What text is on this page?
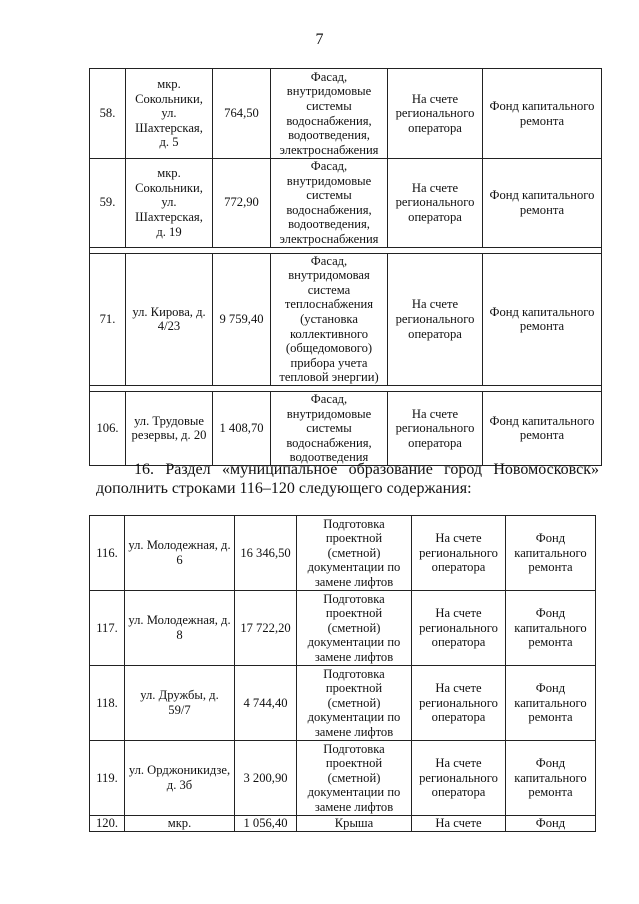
7
58.	мкр. Сокольники, ул. Шахтерская, д. 5	764,50	Фасад, внутридомовые системы водоснабжения, водоотведения, электроснабжения	На счете регионального оператора	Фонд капитального ремонта
59.	мкр. Сокольники, ул. Шахтерская, д. 19	772,90	Фасад, внутридомовые системы водоснабжения, водоотведения, электроснабжения	На счете регионального оператора	Фонд капитального ремонта

71.	ул. Кирова, д. 4/23	9 759,40	Фасад, внутридомовая система теплоснабжения (установка коллективного (общедомового) прибора учета тепловой энергии)	На счете регионального оператора	Фонд капитального ремонта

106.	ул. Трудовые резервы, д. 20	1 408,70	Фасад, внутридомовые системы водоснабжения, водоотведения	На счете регионального оператора	Фонд капитального ремонта
16. Раздел «муниципальное образование город Новомосковск»
дополнить строками 116–120 следующего содержания:
116.	ул. Молодежная, д. 6	16 346,50	Подготовка проектной (сметной) документации по замене лифтов	На счете регионального оператора	Фонд капитального ремонта
117.	ул. Молодежная, д. 8	17 722,20	Подготовка проектной (сметной) документации по замене лифтов	На счете регионального оператора	Фонд капитального ремонта
118.	ул. Дружбы, д. 59/7	4 744,40	Подготовка проектной (сметной) документации по замене лифтов	На счете регионального оператора	Фонд капитального ремонта
119.	ул. Орджоникидзе, д. 3б	3 200,90	Подготовка проектной (сметной) документации по замене лифтов	На счете регионального оператора	Фонд капитального ремонта
120.	мкр.	1 056,40	Крыша	На счете	Фонд
